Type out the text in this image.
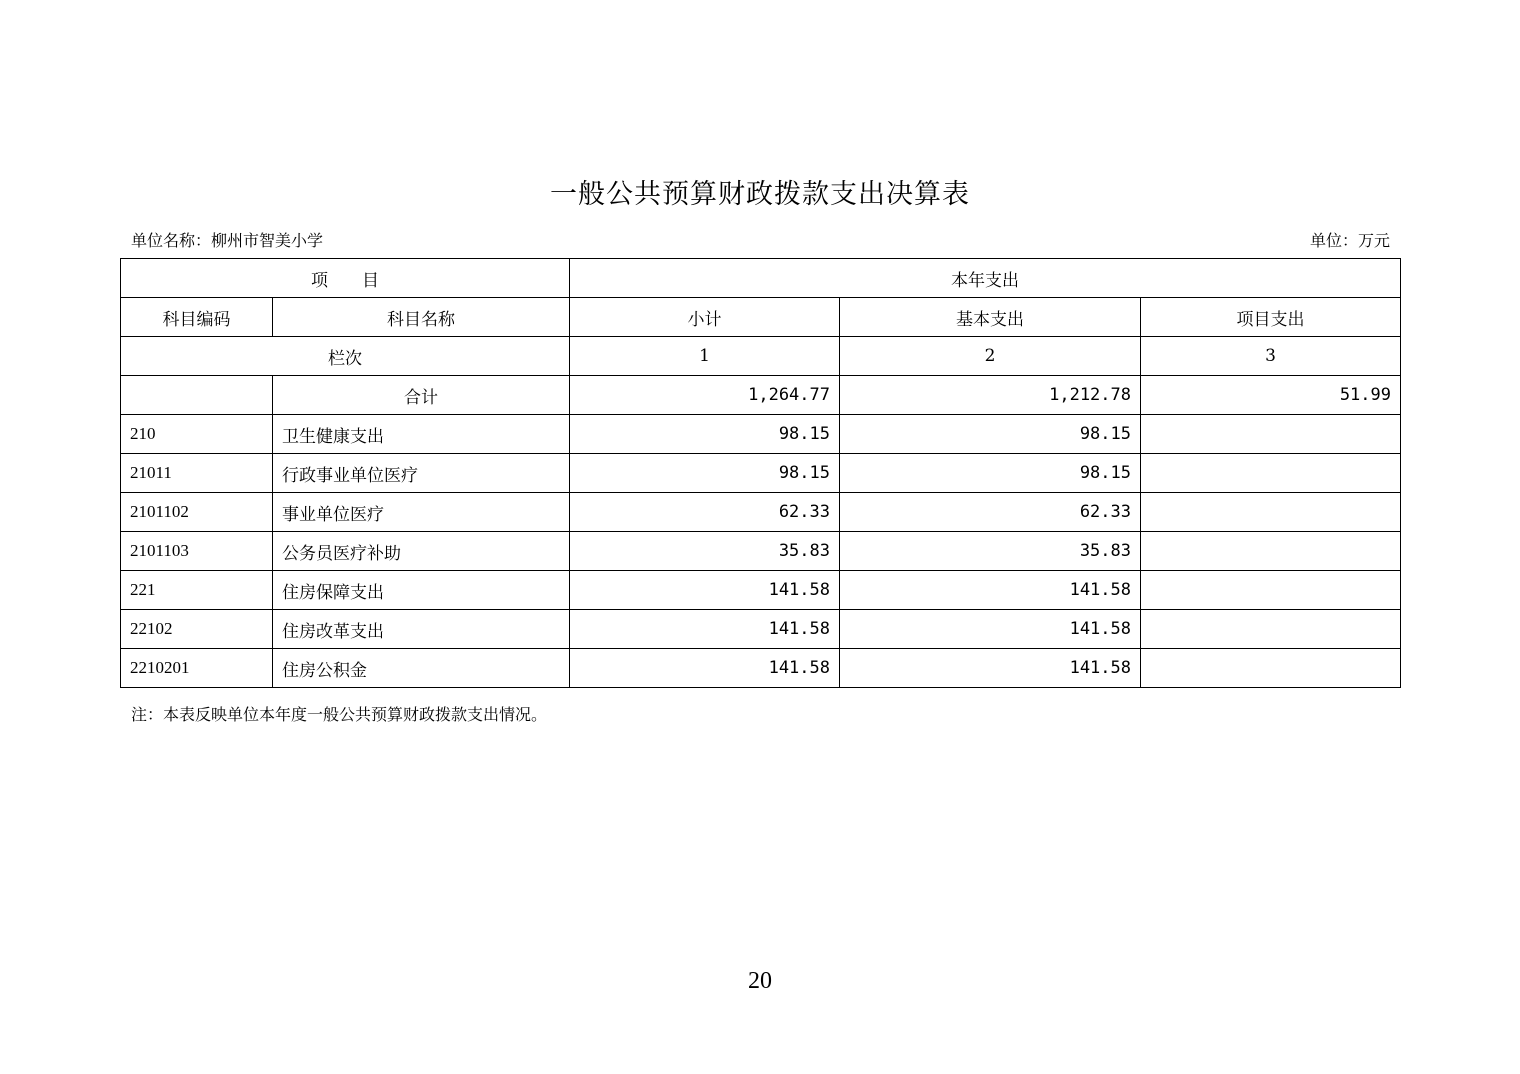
一般公共预算财政拨款支出决算表
单位名称：柳州市智美小学	单位：万元
项　　目		本年支出		
科目编码	科目名称	小计	基本支出	项目支出
栏次		1	2	3
	合计	1,264.77	1,212.78	51.99
210	卫生健康支出	98.15	98.15	
21011	行政事业单位医疗	98.15	98.15	
2101102	事业单位医疗	62.33	62.33	
2101103	公务员医疗补助	35.83	35.83	
221	住房保障支出	141.58	141.58	
22102	住房改革支出	141.58	141.58	
2210201	住房公积金	141.58	141.58	
注：本表反映单位本年度一般公共预算财政拨款支出情况。
20
